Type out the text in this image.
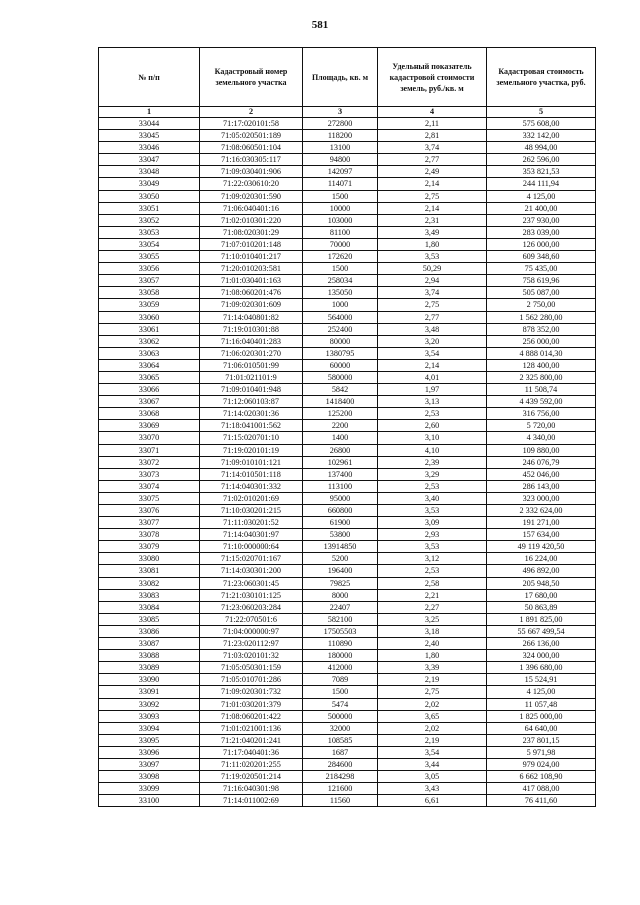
581
№ п/п	Кадастровый номер земельного участка	Площадь, кв. м	Удельный показатель кадастровой стоимости земель, руб./кв. м	Кадастровая стоимость земельного участка, руб.
1	2	3	4	5
33044	71:17:020101:58	272800	2,11	575 608,00
33045	71:05:020501:189	118200	2,81	332 142,00
33046	71:08:060501:104	13100	3,74	48 994,00
33047	71:16:030305:117	94800	2,77	262 596,00
33048	71:09:030401:906	142097	2,49	353 821,53
33049	71:22:030610:20	114071	2,14	244 111,94
33050	71:09:020301:590	1500	2,75	4 125,00
33051	71:06:040401:16	10000	2,14	21 400,00
33052	71:02:010301:220	103000	2,31	237 930,00
33053	71:08:020301:29	81100	3,49	283 039,00
33054	71:07:010201:148	70000	1,80	126 000,00
33055	71:10:010401:217	172620	3,53	609 348,60
33056	71:20:010203:581	1500	50,29	75 435,00
33057	71:01:030401:163	258034	2,94	758 619,96
33058	71:08:060201:476	135050	3,74	505 087,00
33059	71:09:020301:609	1000	2,75	2 750,00
33060	71:14:040801:82	564000	2,77	1 562 280,00
33061	71:19:010301:88	252400	3,48	878 352,00
33062	71:16:040401:283	80000	3,20	256 000,00
33063	71:06:020301:270	1380795	3,54	4 888 014,30
33064	71:06:010501:99	60000	2,14	128 400,00
33065	71:01:021101:9	580000	4,01	2 325 800,00
33066	71:09:010401:948	5842	1,97	11 508,74
33067	71:12:060103:87	1418400	3,13	4 439 592,00
33068	71:14:020301:36	125200	2,53	316 756,00
33069	71:18:041001:562	2200	2,60	5 720,00
33070	71:15:020701:10	1400	3,10	4 340,00
33071	71:19:020101:19	26800	4,10	109 880,00
33072	71:09:010101:121	102961	2,39	246 076,79
33073	71:14:010501:118	137400	3,29	452 046,00
33074	71:14:040301:332	113100	2,53	286 143,00
33075	71:02:010201:69	95000	3,40	323 000,00
33076	71:10:030201:215	660800	3,53	2 332 624,00
33077	71:11:030201:52	61900	3,09	191 271,00
33078	71:14:040301:97	53800	2,93	157 634,00
33079	71:10:000000:64	13914850	3,53	49 119 420,50
33080	71:15:020701:167	5200	3,12	16 224,00
33081	71:14:030301:200	196400	2,53	496 892,00
33082	71:23:060301:45	79825	2,58	205 948,50
33083	71:21:030101:125	8000	2,21	17 680,00
33084	71:23:060203:284	22407	2,27	50 863,89
33085	71:22:070501:6	582100	3,25	1 891 825,00
33086	71:04:000000:97	17505503	3,18	55 667 499,54
33087	71:23:020112:97	110890	2,40	266 136,00
33088	71:03:020101:32	180000	1,80	324 000,00
33089	71:05:050301:159	412000	3,39	1 396 680,00
33090	71:05:010701:286	7089	2,19	15 524,91
33091	71:09:020301:732	1500	2,75	4 125,00
33092	71:01:030201:379	5474	2,02	11 057,48
33093	71:08:060201:422	500000	3,65	1 825 000,00
33094	71:01:021001:136	32000	2,02	64 640,00
33095	71:21:040201:241	108585	2,19	237 801,15
33096	71:17:040401:36	1687	3,54	5 971,98
33097	71:11:020201:255	284600	3,44	979 024,00
33098	71:19:020501:214	2184298	3,05	6 662 108,90
33099	71:16:040301:98	121600	3,43	417 088,00
33100	71:14:011002:69	11560	6,61	76 411,60
